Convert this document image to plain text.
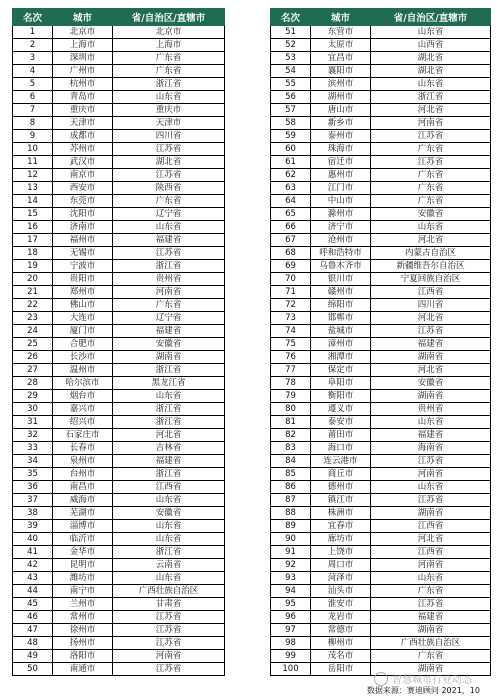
名次	城市	省/自治区/直辖市
1	北京市	北京市
2	上海市	上海市
3	深圳市	广东省
4	广州市	广东省
5	杭州市	浙江省
6	青岛市	山东省
7	重庆市	重庆市
8	天津市	天津市
9	成都市	四川省
10	苏州市	江苏省
11	武汉市	湖北省
12	南京市	江苏省
13	西安市	陕西省
14	东莞市	广东省
15	沈阳市	辽宁省
16	济南市	山东省
17	福州市	福建省
18	无锡市	江苏省
19	宁波市	浙江省
20	贵阳市	贵州省
21	郑州市	河南省
22	佛山市	广东省
23	大连市	辽宁省
24	厦门市	福建省
25	合肥市	安徽省
26	长沙市	湖南省
27	温州市	浙江省
28	哈尔滨市	黑龙江省
29	烟台市	山东省
30	嘉兴市	浙江省
31	绍兴市	浙江省
32	石家庄市	河北省
33	长春市	吉林省
34	泉州市	福建省
35	台州市	浙江省
36	南昌市	江西省
37	威海市	山东省
38	芜湖市	安徽省
39	淄博市	山东省
40	临沂市	山东省
41	金华市	浙江省
42	昆明市	云南省
43	潍坊市	山东省
44	南宁市	广西壮族自治区
45	兰州市	甘肃省
46	常州市	江苏省
47	徐州市	江苏省
48	扬州市	江苏省
49	洛阳市	河南省
50	南通市	江苏省
名次	城市	省/自治区/直辖市
51	东营市	山东省
52	太原市	山西省
53	宜昌市	湖北省
54	襄阳市	湖北省
55	滨州市	山东省
56	湖州市	浙江省
57	唐山市	河北省
58	新乡市	河南省
59	泰州市	江苏省
60	珠海市	广东省
61	宿迁市	江苏省
62	惠州市	广东省
63	江门市	广东省
64	中山市	广东省
65	滁州市	安徽省
66	济宁市	山东省
67	沧州市	河北省
68	呼和浩特市	内蒙古自治区
69	乌鲁木齐市	新疆维吾尔自治区
70	银川市	宁夏回族自治区
71	赣州市	江西省
72	绵阳市	四川省
73	邯郸市	河北省
74	盐城市	江苏省
75	漳州市	福建省
76	湘潭市	湖南省
77	保定市	河北省
78	阜阳市	安徽省
79	衡阳市	湖南省
80	遵义市	贵州省
81	泰安市	山东省
82	莆田市	福建省
83	海口市	海南省
84	连云港市	江苏省
85	商丘市	河南省
86	德州市	山东省
87	镇江市	江苏省
88	株洲市	湖南省
89	宜春市	江西省
90	廊坊市	河北省
91	上饶市	江西省
92	周口市	河南省
93	菏泽市	山东省
94	汕头市	广东省
95	淮安市	江苏省
96	龙岩市	福建省
97	常德市	湖南省
98	柳州市	广西壮族自治区
99	茂名市	广东省
100	岳阳市	湖南省
智慧城市行业动态
数据来源：赛迪顾问 2021，10
